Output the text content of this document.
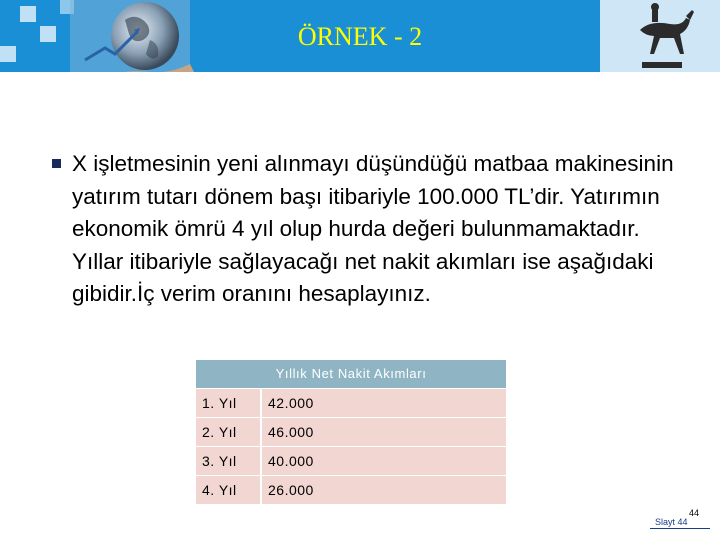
ÖRNEK - 2
X işletmesinin yeni alınmayı düşündüğü matbaa makinesinin yatırım tutarı dönem başı itibariyle 100.000 TL’dir. Yatırımın ekonomik ömrü 4 yıl olup hurda değeri bulunmamaktadır. Yıllar itibariyle sağlayacağı net nakit akımları ise aşağıdaki gibidir.İç verim oranını hesaplayınız.
Yıllık Net Nakit Akımları
1. Yıl	42.000
2. Yıl	46.000
3. Yıl	40.000
4. Yıl	26.000
44
Slayt 44
